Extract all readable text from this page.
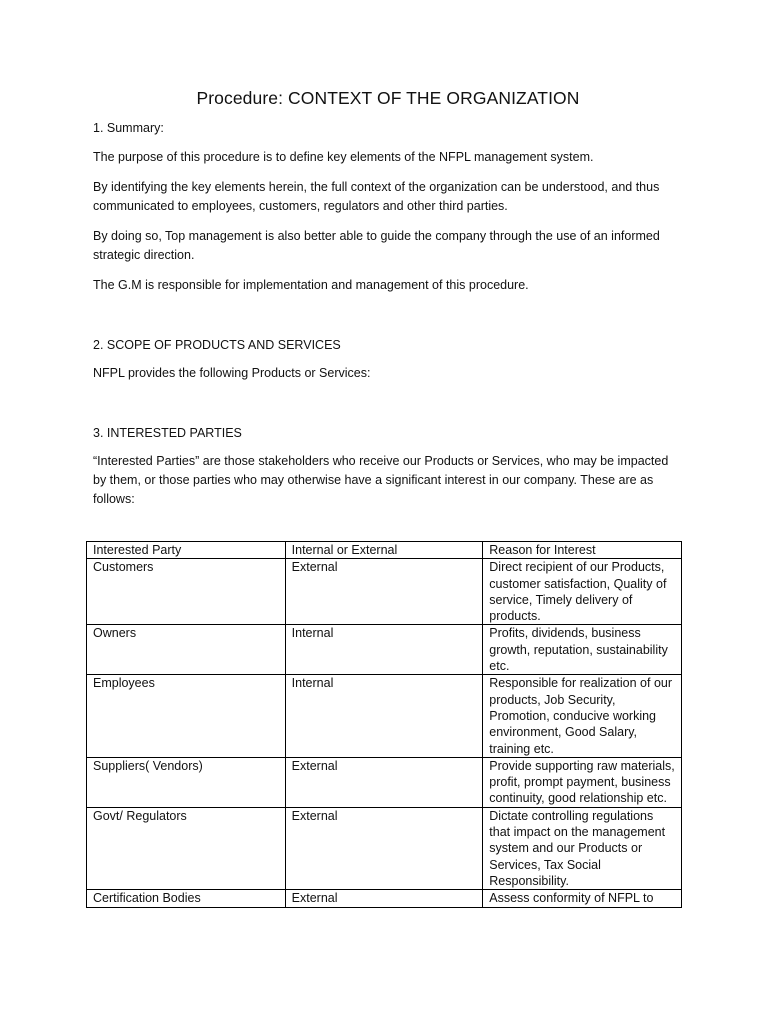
Procedure: CONTEXT OF THE ORGANIZATION
1. Summary:

The purpose of this procedure is to define key elements of the NFPL management system.

By identifying the key elements herein, the full context of the organization can be understood, and thus communicated to employees, customers, regulators and other third parties.

By doing so, Top management is also better able to guide the company through the use of an informed strategic direction.

The G.M is responsible for implementation and management of this procedure.

2. SCOPE OF PRODUCTS AND SERVICES

NFPL provides the following Products or Services:

3. INTERESTED PARTIES

“Interested Parties” are those stakeholders who receive our Products or Services, who may be impacted by them, or those parties who may otherwise have a significant interest in our company. These are as follows:

Interested Party	Internal or External	Reason for Interest
Customers	External	Direct recipient of our Products, customer satisfaction, Quality of service, Timely delivery of products.
Owners	Internal	Profits, dividends, business growth, reputation, sustainability etc.
Employees	Internal	Responsible for realization of our products, Job Security, Promotion, conducive working environment, Good Salary, training etc.
Suppliers( Vendors)	External	Provide supporting raw materials, profit, prompt payment, business continuity, good relationship etc.
Govt/ Regulators	External	Dictate controlling regulations that impact on the management system and our Products or Services, Tax Social Responsibility.
Certification Bodies	External	Assess conformity of NFPL to
